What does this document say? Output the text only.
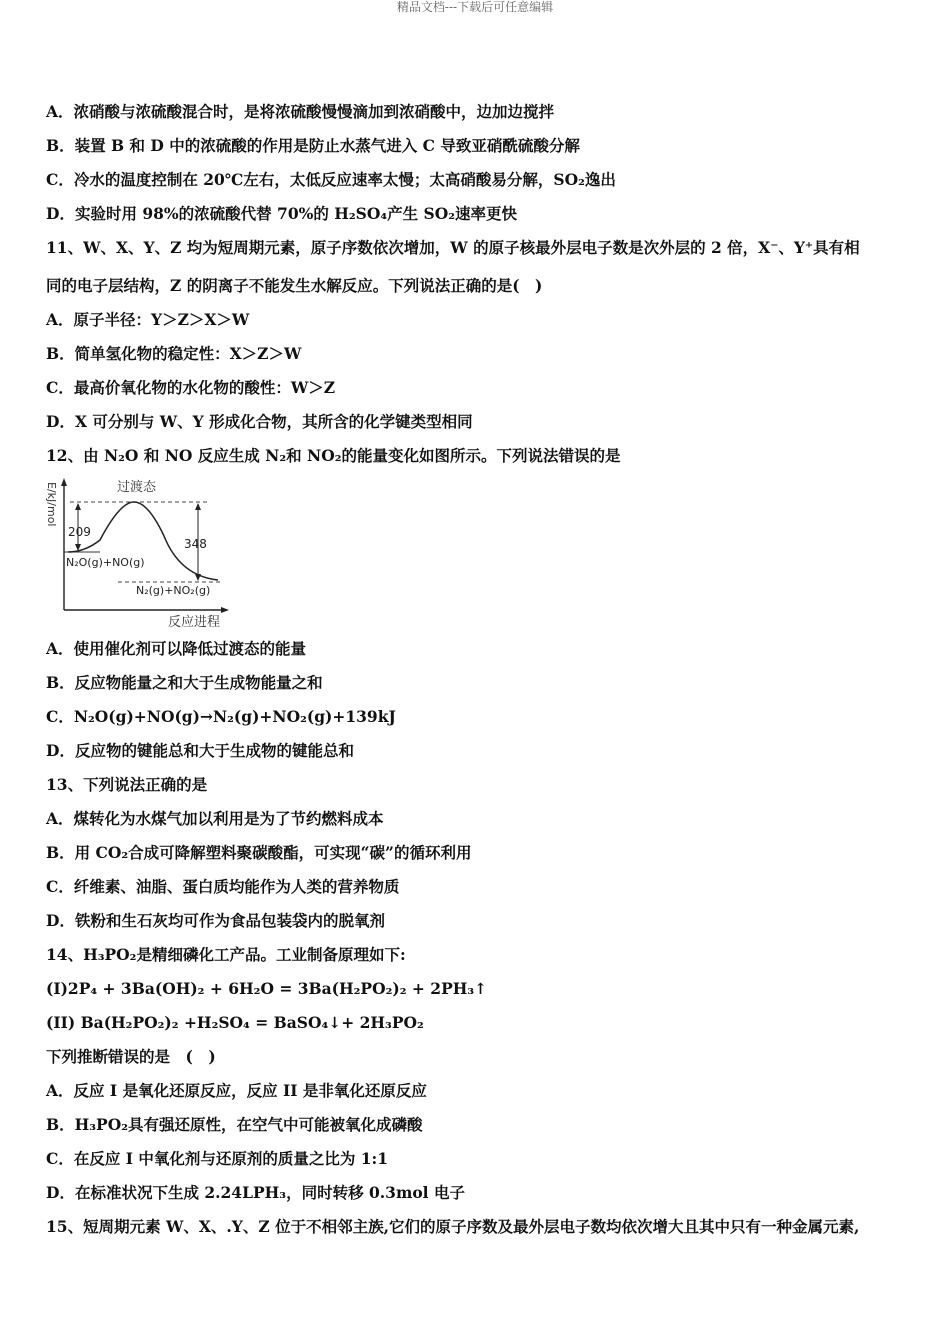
精品文档---下载后可任意编辑
A．浓硝酸与浓硫酸混合时，是将浓硫酸慢慢滴加到浓硝酸中，边加边搅拌
B．装置 B 和 D 中的浓硫酸的作用是防止水蒸气进入 C 导致亚硝酰硫酸分解
C．冷水的温度控制在 20℃左右，太低反应速率太慢；太高硝酸易分解，SO₂逸出
D．实验时用 98%的浓硫酸代替 70%的 H₂SO₄产生 SO₂速率更快
11、W、X、Y、Z 均为短周期元素，原子序数依次增加，W 的原子核最外层电子数是次外层的 2 倍，X⁻、Y⁺具有相
同的电子层结构，Z 的阴离子不能发生水解反应。下列说法正确的是(　)
A．原子半径：Y＞Z＞X＞W
B．简单氢化物的稳定性：X＞Z＞W
C．最高价氧化物的水化物的酸性：W＞Z
D．X 可分别与 W、Y 形成化合物，其所含的化学键类型相同
12、由 N₂O 和 NO 反应生成 N₂和 NO₂的能量变化如图所示。下列说法错误的是
过渡态
209
348
N₂O(g)+NO(g)
N₂(g)+NO₂(g)
反应进程
E/kJ/mol
A．使用催化剂可以降低过渡态的能量
B．反应物能量之和大于生成物能量之和
C．N₂O(g)+NO(g)→N₂(g)+NO₂(g)+139kJ
D．反应物的键能总和大于生成物的键能总和
13、下列说法正确的是
A．煤转化为水煤气加以利用是为了节约燃料成本
B．用 CO₂合成可降解塑料聚碳酸酯，可实现“碳”的循环利用
C．纤维素、油脂、蛋白质均能作为人类的营养物质
D．铁粉和生石灰均可作为食品包装袋内的脱氧剂
14、H₃PO₂是精细磷化工产品。工业制备原理如下:
(I)2P₄ + 3Ba(OH)₂ + 6H₂O = 3Ba(H₂PO₂)₂ + 2PH₃↑
(II) Ba(H₂PO₂)₂ +H₂SO₄ = BaSO₄↓+ 2H₃PO₂
下列推断错误的是　(　)
A．反应 I 是氧化还原反应，反应 II 是非氧化还原反应
B．H₃PO₂具有强还原性，在空气中可能被氧化成磷酸
C．在反应 I 中氧化剂与还原剂的质量之比为 1:1
D．在标准状况下生成 2.24LPH₃，同时转移 0.3mol 电子
15、短周期元素 W、X、.Y、Z 位于不相邻主族,它们的原子序数及最外层电子数均依次增大且其中只有一种金属元素,
